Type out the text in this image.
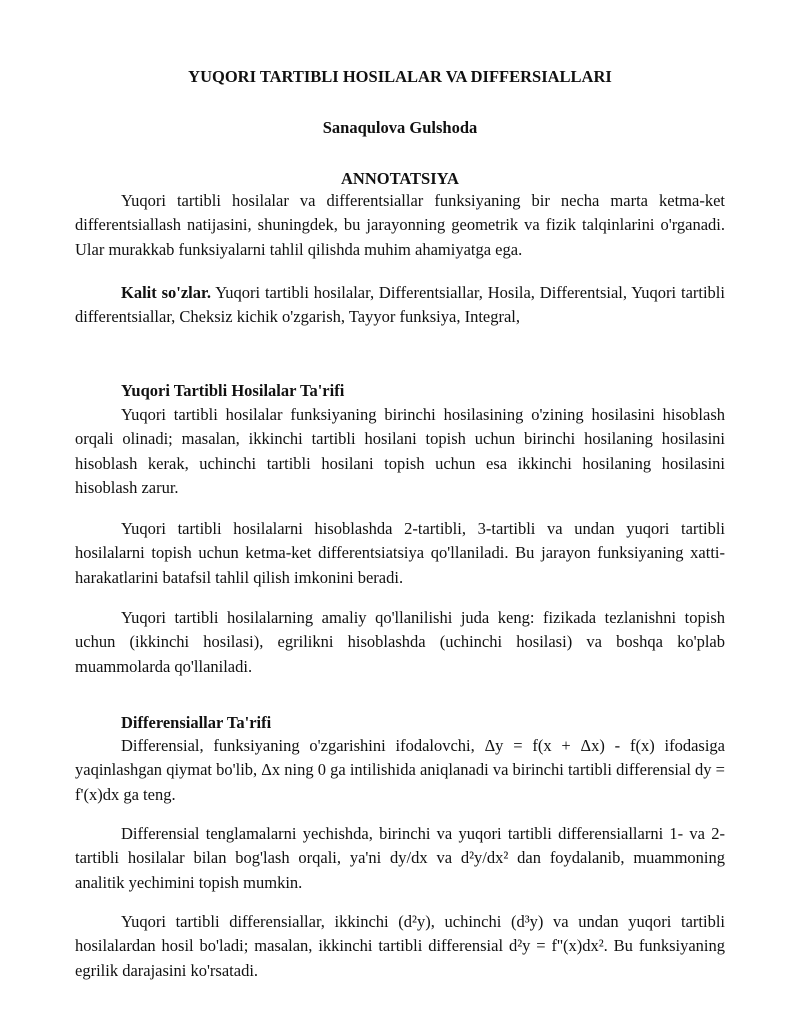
YUQORI TARTIBLI HOSILALAR VA DIFFERSIALLARI
Sanaqulova Gulshoda
ANNOTATSIYA
Yuqori tartibli hosilalar va differentsiallar funksiyaning bir necha marta ketma-ket differentsiallash natijasini, shuningdek, bu jarayonning geometrik va fizik talqinlarini o'rganadi. Ular murakkab funksiyalarni tahlil qilishda muhim ahamiyatga ega.
Kalit so'zlar. Yuqori tartibli hosilalar, Differentsiallar, Hosila, Differentsial, Yuqori tartibli differentsiallar, Cheksiz kichik o'zgarish, Tayyor funksiya, Integral,
Yuqori Tartibli Hosilalar Ta'rifi
Yuqori tartibli hosilalar funksiyaning birinchi hosilasining o'zining hosilasini hisoblash orqali olinadi; masalan, ikkinchi tartibli hosilani topish uchun birinchi hosilaning hosilasini hisoblash kerak, uchinchi tartibli hosilani topish uchun esa ikkinchi hosilaning hosilasini hisoblash zarur.
Yuqori tartibli hosilalarni hisoblashda 2-tartibli, 3-tartibli va undan yuqori tartibli hosilalarni topish uchun ketma-ket differentsiatsiya qo'llaniladi. Bu jarayon funksiyaning xatti-harakatlarini batafsil tahlil qilish imkonini beradi.
Yuqori tartibli hosilalarning amaliy qo'llanilishi juda keng: fizikada tezlanishni topish uchun (ikkinchi hosilasi), egrilikni hisoblashda (uchinchi hosilasi) va boshqa ko'plab muammolarda qo'llaniladi.
Differensiallar Ta'rifi
Differensial, funksiyaning o'zgarishini ifodalovchi, Δy = f(x + Δx) - f(x) ifodasiga yaqinlashgan qiymat bo'lib, Δx ning 0 ga intilishida aniqlanadi va birinchi tartibli differensial dy = f'(x)dx ga teng.
Differensial tenglamalarni yechishda, birinchi va yuqori tartibli differensiallarni 1- va 2- tartibli hosilalar bilan bog'lash orqali, ya'ni dy/dx va d²y/dx² dan foydalanib, muammoning analitik yechimini topish mumkin.
Yuqori tartibli differensiallar, ikkinchi (d²y), uchinchi (d³y) va undan yuqori tartibli hosilalardan hosil bo'ladi; masalan, ikkinchi tartibli differensial d²y = f''(x)dx². Bu funksiyaning egrilik darajasini ko'rsatadi.
